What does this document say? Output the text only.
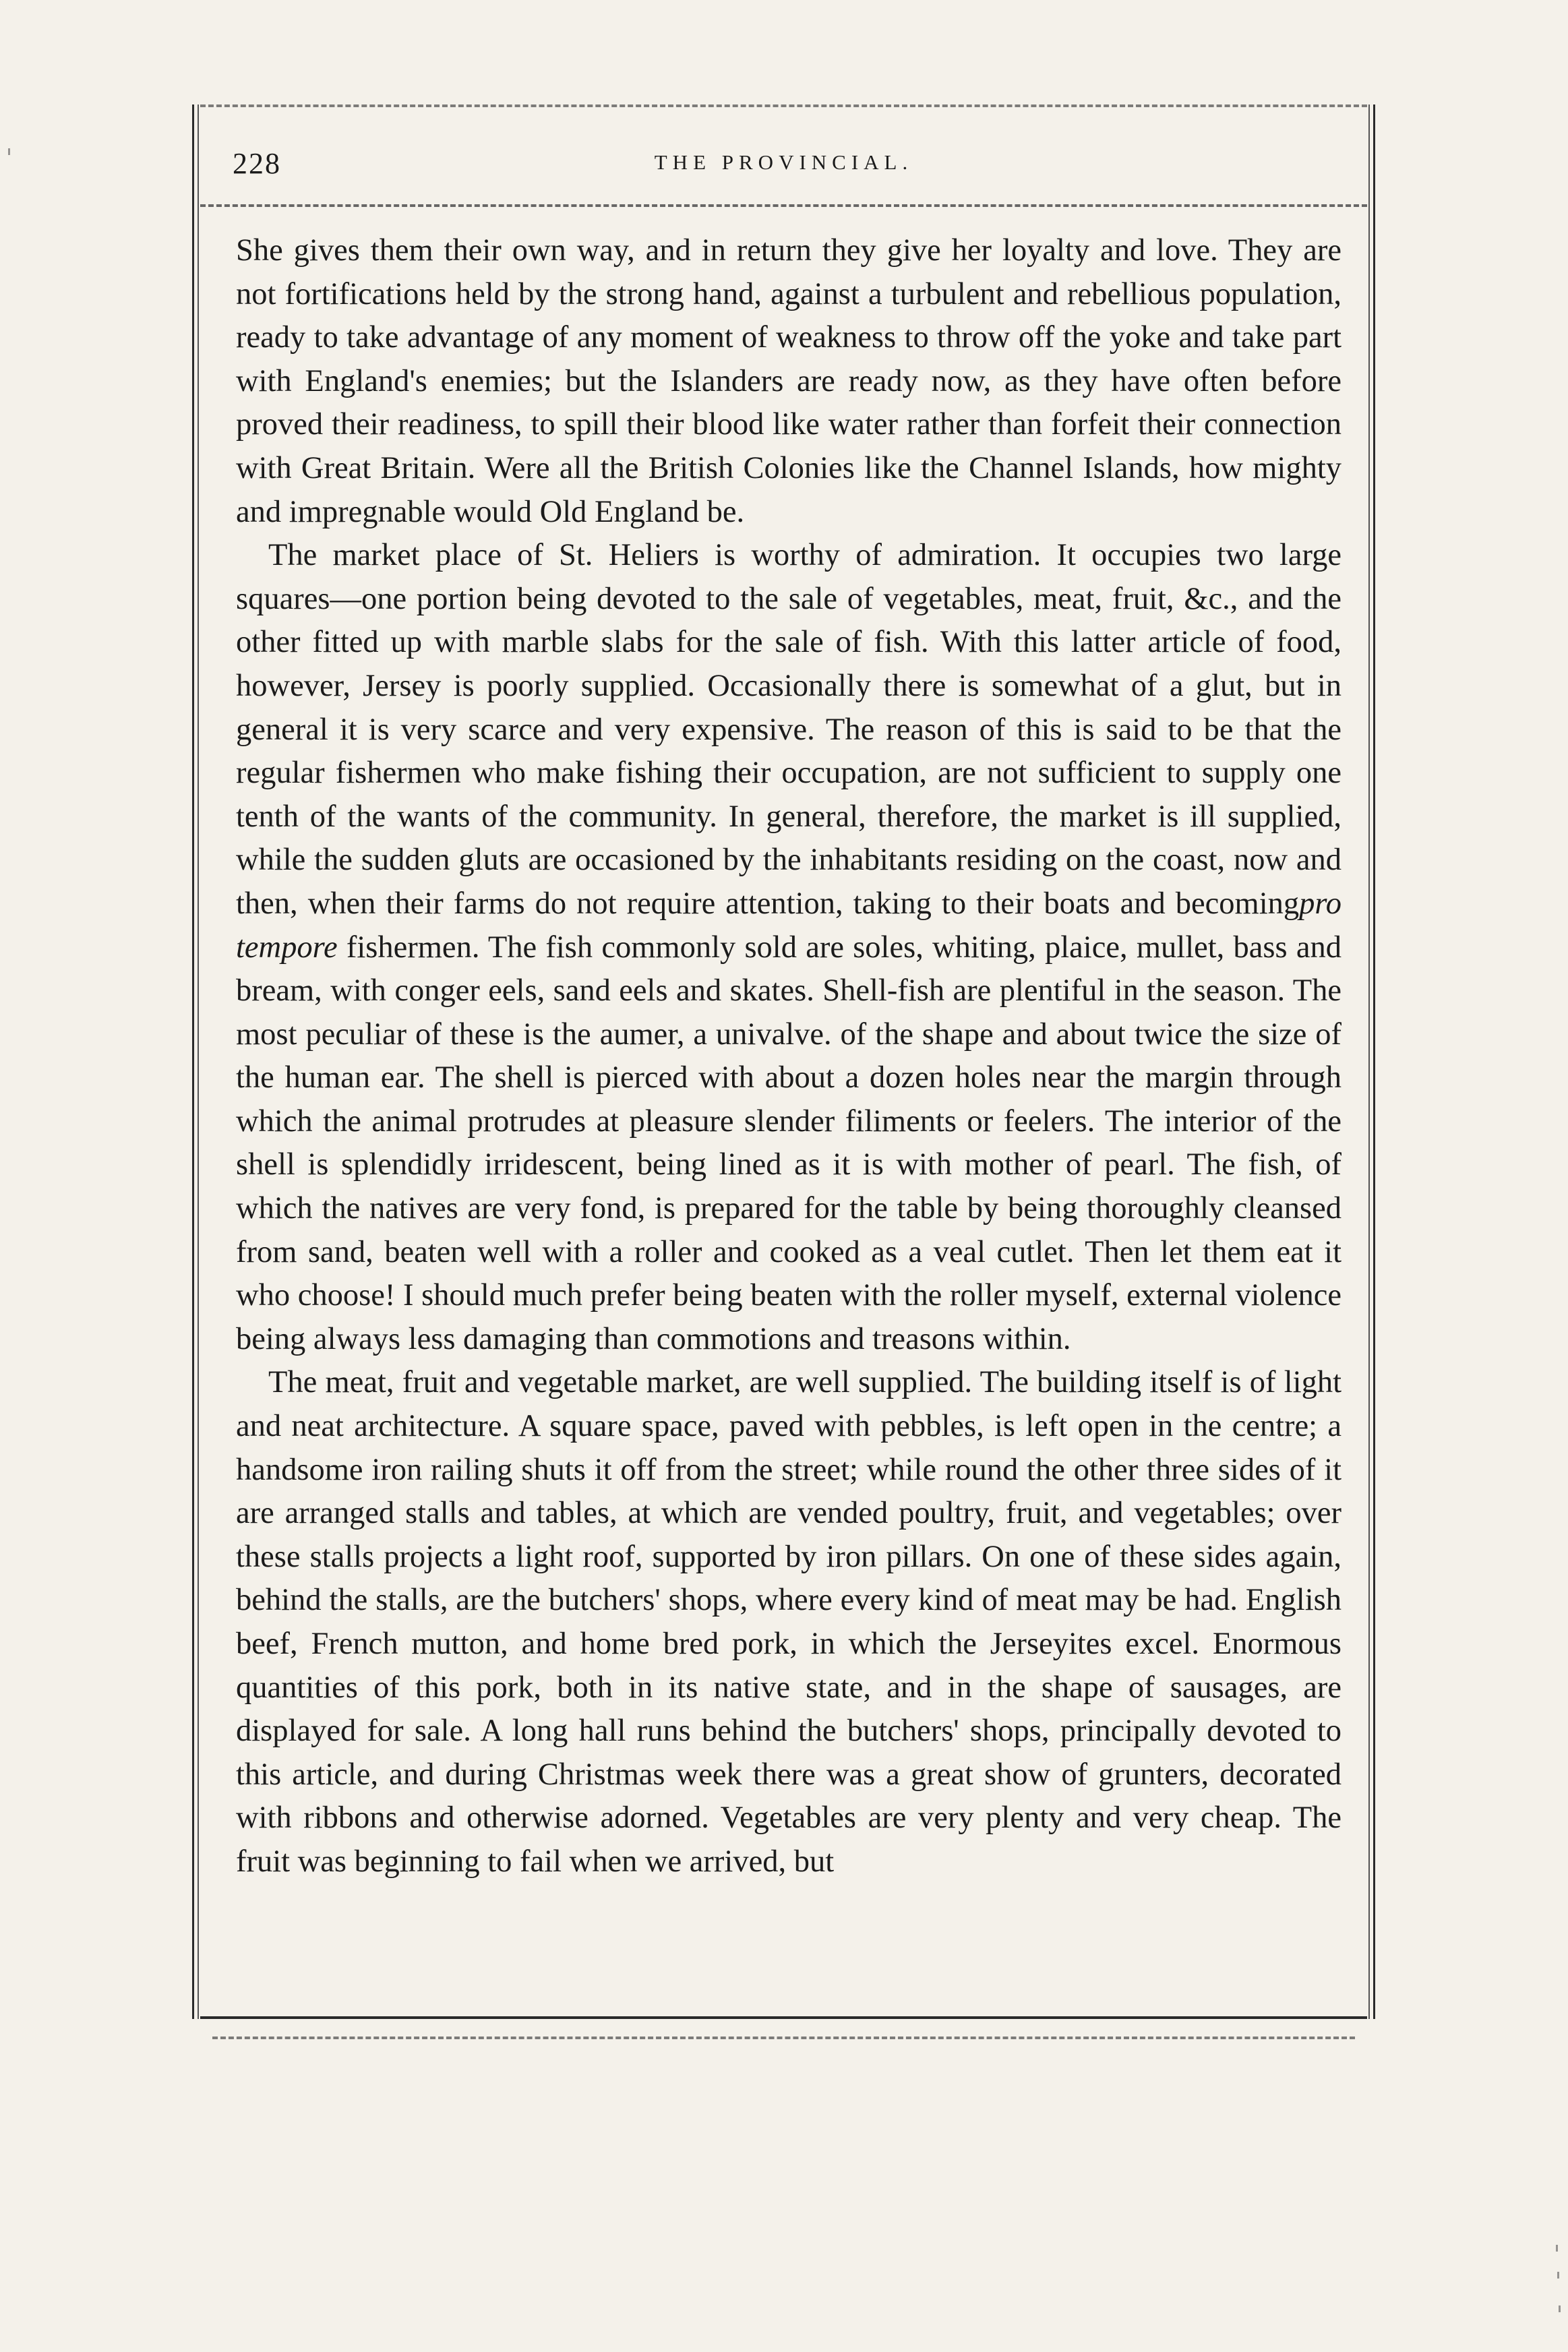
228	THE PROVINCIAL.

She gives them their own way, and in return they give her loyalty and love. They are not fortifications held by the strong hand, against a turbulent and rebellious population, ready to take advantage of any moment of weakness to throw off the yoke and take part with England's enemies; but the Islanders are ready now, as they have often before proved their readiness, to spill their blood like water rather than forfeit their connection with Great Britain. Were all the British Colonies like the Channel Islands, how mighty and impregnable would Old England be.

The market place of St. Heliers is worthy of admiration. It occupies two large squares—one portion being devoted to the sale of vegetables, meat, fruit, &c., and the other fitted up with marble slabs for the sale of fish. With this latter article of food, however, Jersey is poorly supplied. Occasionally there is somewhat of a glut, but in general it is very scarce and very expensive. The reason of this is said to be that the regular fishermen who make fishing their occupation, are not sufficient to supply one tenth of the wants of the community. In general, therefore, the market is ill supplied, while the sudden gluts are occasioned by the inhabitants residing on the coast, now and then, when their farms do not require attention, taking to their boats and becomingpro tempore fishermen. The fish commonly sold are soles, whiting, plaice, mullet, bass and bream, with conger eels, sand eels and skates. Shell-fish are plentiful in the season. The most peculiar of these is the aumer, a univalve. of the shape and about twice the size of the human ear. The shell is pierced with about a dozen holes near the margin through which the animal protrudes at pleasure slender filiments or feelers. The interior of the shell is splendidly irridescent, being lined as it is with mother of pearl. The fish, of which the natives are very fond, is prepared for the table by being thoroughly cleansed from sand, beaten well with a roller and cooked as a veal cutlet. Then let them eat it who choose! I should much prefer being beaten with the roller myself, external violence being always less damaging than commotions and treasons within.

The meat, fruit and vegetable market, are well supplied. The building itself is of light and neat architecture. A square space, paved with pebbles, is left open in the centre; a handsome iron railing shuts it off from the street; while round the other three sides of it are arranged stalls and tables, at which are vended poultry, fruit, and vegetables; over these stalls projects a light roof, supported by iron pillars. On one of these sides again, behind the stalls, are the butchers' shops, where every kind of meat may be had. English beef, French mutton, and home bred pork, in which the Jerseyites excel. Enormous quantities of this pork, both in its native state, and in the shape of sausages, are displayed for sale. A long hall runs behind the butchers' shops, principally devoted to this article, and during Christmas week there was a great show of grunters, decorated with ribbons and otherwise adorned. Vegetables are very plenty and very cheap. The fruit was beginning to fail when we arrived, but
